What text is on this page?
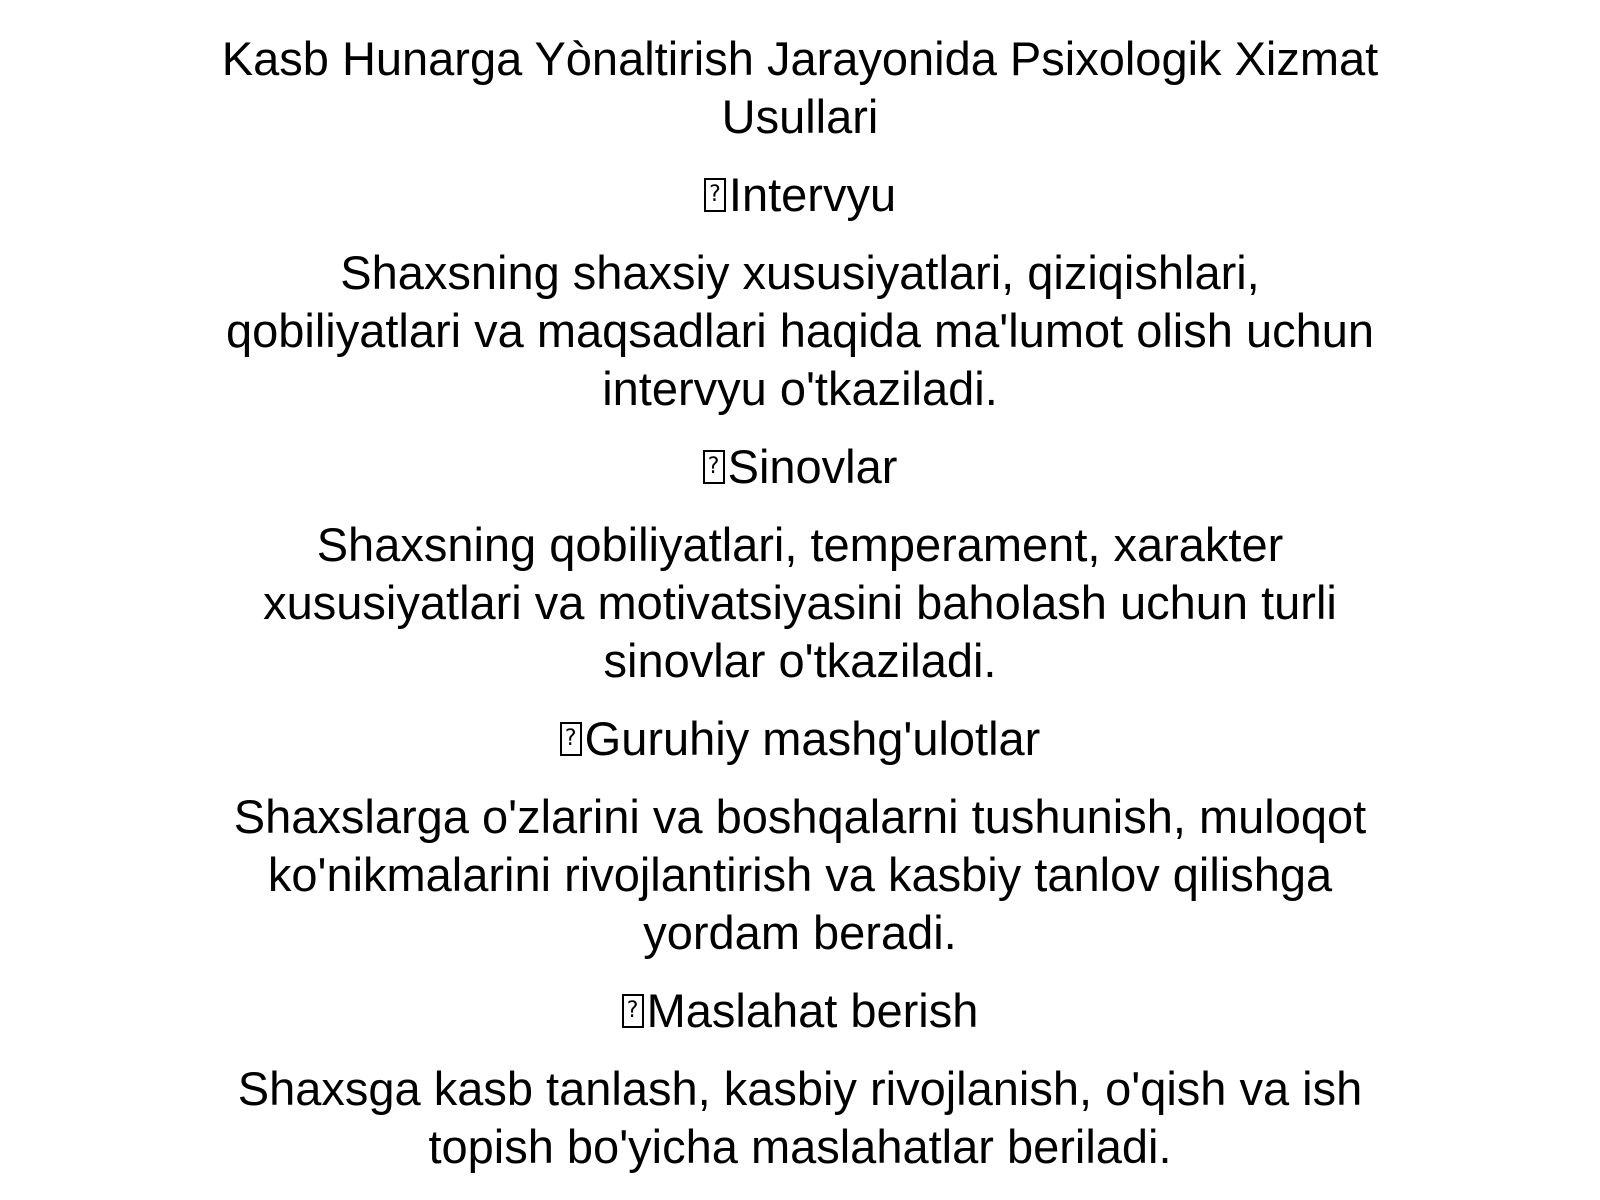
Kasb Hunarga Yònaltirish Jarayonida Psixologik Xizmat Usullari
? Intervyu
Shaxsning shaxsiy xususiyatlari, qiziqishlari, qobiliyatlari va maqsadlari haqida ma'lumot olish uchun intervyu o'tkaziladi.
? Sinovlar
Shaxsning qobiliyatlari, temperament, xarakter xususiyatlari va motivatsiyasini baholash uchun turli sinovlar o'tkaziladi.
? Guruhiy mashg'ulotlar
Shaxslarga o'zlarini va boshqalarni tushunish, muloqot ko'nikmalarini rivojlantirish va kasbiy tanlov qilishga yordam beradi.
? Maslahat berish
Shaxsga kasb tanlash, kasbiy rivojlanish, o'qish va ish topish bo'yicha maslahatlar beriladi.
